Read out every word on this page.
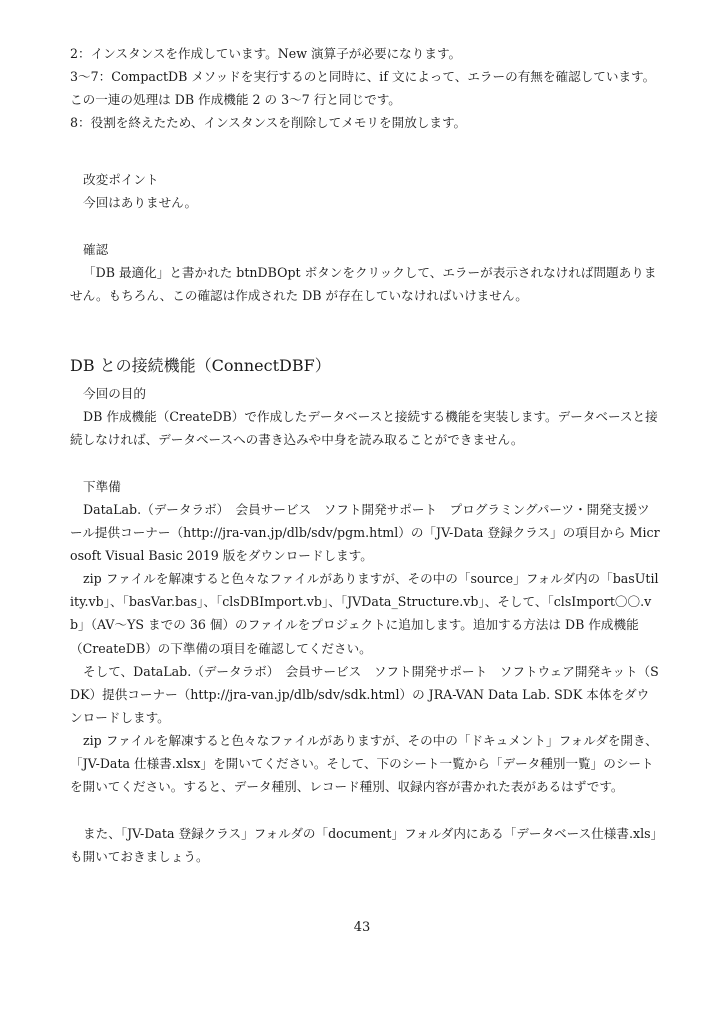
2：インスタンスを作成しています。New 演算子が必要になります。

3〜7：CompactDB メソッドを実行するのと同時に、if 文によって、エラーの有無を確認しています。この一連の処理は DB 作成機能 2 の 3〜7 行と同じです。

8：役割を終えたため、インスタンスを削除してメモリを開放します。

改変ポイント

今回はありません。

確認

「DB 最適化」と書かれた btnDBOpt ボタンをクリックして、エラーが表示されなければ問題ありません。もちろん、この確認は作成された DB が存在していなければいけません。

DB との接続機能（ConnectDBF）

今回の目的

DB 作成機能（CreateDB）で作成したデータベースと接続する機能を実装します。データベースと接続しなければ、データベースへの書き込みや中身を読み取ることができません。

下準備

DataLab.（データラボ）　会員サービス　ソフト開発サポート　プログラミングパーツ・開発支援ツール提供コーナー（http://jra-van.jp/dlb/sdv/pgm.html）の「JV-Data 登録クラス」の項目から Microsoft Visual Basic 2019 版をダウンロードします。

zip ファイルを解凍すると色々なファイルがありますが、その中の「source」フォルダ内の「basUtility.vb」、「basVar.bas」、「clsDBImport.vb」、「JVData_Structure.vb」、そして、「clsImport〇〇.vb」（AV〜YS までの 36 個）のファイルをプロジェクトに追加します。追加する方法は DB 作成機能（CreateDB）の下準備の項目を確認してください。

そして、DataLab.（データラボ）　会員サービス　ソフト開発サポート　ソフトウェア開発キット（SDK）提供コーナー（http://jra-van.jp/dlb/sdv/sdk.html）の JRA-VAN Data Lab. SDK 本体をダウンロードします。

zip ファイルを解凍すると色々なファイルがありますが、その中の「ドキュメント」フォルダを開き、「JV-Data 仕様書.xlsx」を開いてください。そして、下のシート一覧から「データ種別一覧」のシートを開いてください。すると、データ種別、レコード種別、収録内容が書かれた表があるはずです。

また、「JV-Data 登録クラス」フォルダの「document」フォルダ内にある「データベース仕様書.xls」も開いておきましょう。

43
